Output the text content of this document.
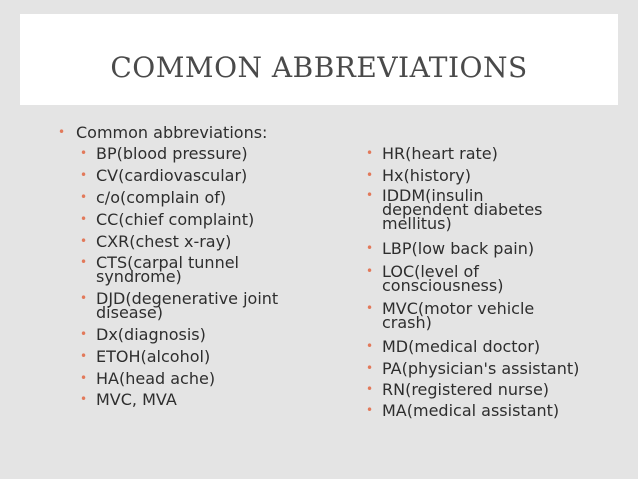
COMMON ABBREVIATIONS
• Common abbreviations:
• BP(blood pressure)
• CV(cardiovascular)
• c/o(complain of)
• CC(chief complaint)
• CXR(chest x-ray)
• CTS(carpal tunnel
syndrome)
• DJD(degenerative joint
disease)
• Dx(diagnosis)
• ETOH(alcohol)
• HA(head ache)
• MVC, MVA
• HR(heart rate)
• Hx(history)
• IDDM(insulin
dependent diabetes
mellitus)
• LBP(low back pain)
• LOC(level of
consciousness)
• MVC(motor vehicle
crash)
• MD(medical doctor)
• PA(physician's assistant)
• RN(registered nurse)
• MA(medical assistant)
